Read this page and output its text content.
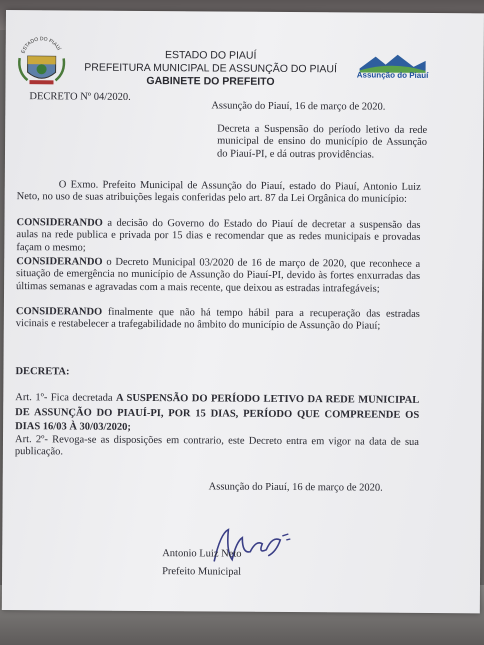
ESTADO DO PIAUÍ	ESTADO DO PIAUÍ
PREFEITURA MUNICIPAL DE ASSUNÇÃO DO PIAUÍ
GABINETE DO PREFEITO	Assunção do Piauí
DECRETO Nº 04/2020.
Assunção do Piauí, 16 de março de 2020.
Decreta a Suspensão do período letivo da rede municipal de ensino do município de Assunção do Piauí-PI, e dá outras providências.
O Exmo. Prefeito Municipal de Assunção do Piauí, estado do Piauí, Antonio Luiz Neto, no uso de suas atribuições legais conferidas pelo art. 87 da Lei Orgânica do município:
CONSIDERANDO a decisão do Governo do Estado do Piauí de decretar a suspensão das aulas na rede publica e privada por 15 dias e recomendar que as redes municipais e provadas façam o mesmo;
CONSIDERANDO o Decreto Municipal 03/2020 de 16 de março de 2020, que reconhece a situação de emergência no município de Assunção do Piauí-PI, devido às fortes enxurradas das últimas semanas e agravadas com a mais recente, que deixou as estradas intrafegáveis;
CONSIDERANDO finalmente que não há tempo hábil para a recuperação das estradas vicinais e restabelecer a trafegabilidade no âmbito do município de Assunção do Piauí;
DECRETA:
Art. 1º- Fica decretada A SUSPENSÃO DO PERÍODO LETIVO DA REDE MUNICIPAL DE ASSUNÇÃO DO PIAUÍ-PI, POR 15 DIAS, PERÍODO QUE COMPREENDE OS DIAS 16/03 À 30/03/2020;
Art. 2º- Revoga-se as disposições em contrario, este Decreto entra em vigor na data de sua publicação.
Assunção do Piauí, 16 de março de 2020.
Antonio Luiz Neto
Prefeito Municipal
